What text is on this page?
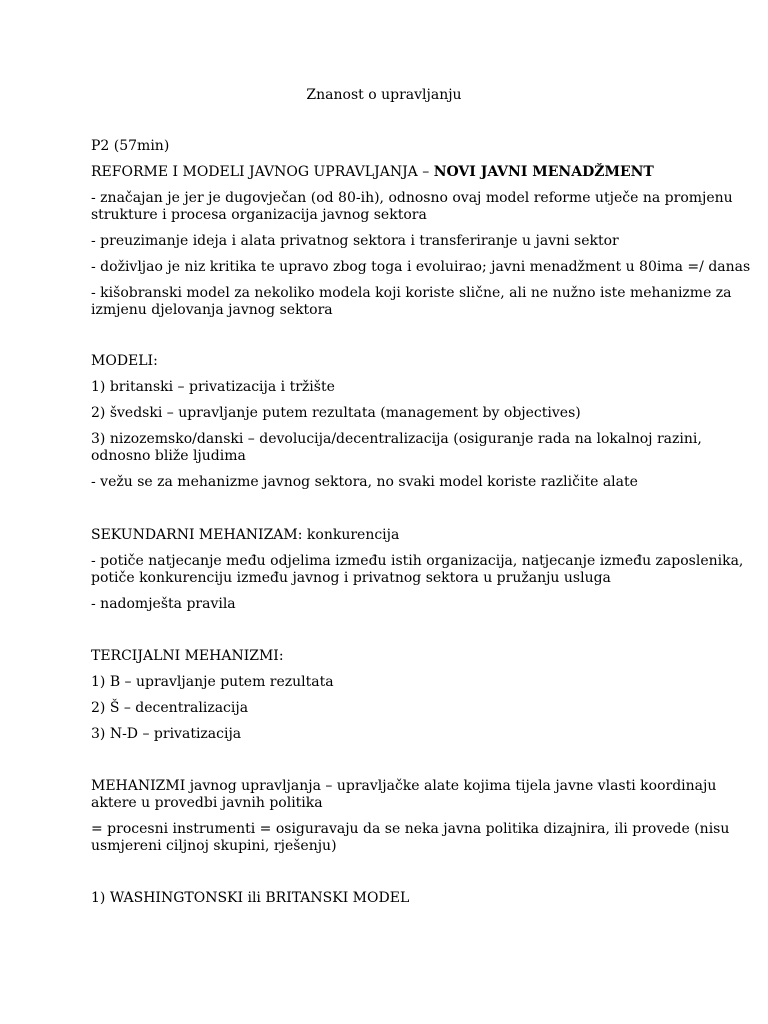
Znanost o upravljanju
P2 (57min)
REFORME I MODELI JAVNOG UPRAVLJANJA – NOVI JAVNI MENADŽMENT
- značajan je jer je dugovječan (od 80-ih), odnosno ovaj model reforme utječe na promjenu
strukture i procesa organizacija javnog sektora
- preuzimanje ideja i alata privatnog sektora i transferiranje u javni sektor
- doživljao je niz kritika te upravo zbog toga i evoluirao; javni menadžment u 80ima =/ danas
- kišobranski model za nekoliko modela koji koriste slične, ali ne nužno iste mehanizme za
izmjenu djelovanja javnog sektora
MODELI:
1) britanski – privatizacija i tržište
2) švedski – upravljanje putem rezultata (management by objectives)
3) nizozemsko/danski – devolucija/decentralizacija (osiguranje rada na lokalnoj razini,
odnosno bliže ljudima
- vežu se za mehanizme javnog sektora, no svaki model koriste različite alate
SEKUNDARNI MEHANIZAM: konkurencija
- potiče natjecanje među odjelima između istih organizacija, natjecanje između zaposlenika,
potiče konkurenciju između javnog i privatnog sektora u pružanju usluga
- nadomješta pravila
TERCIJALNI MEHANIZMI:
1) B – upravljanje putem rezultata
2) Š – decentralizacija
3) N-D – privatizacija
MEHANIZMI javnog upravljanja – upravljačke alate kojima tijela javne vlasti koordinaju
aktere u provedbi javnih politika
= procesni instrumenti = osiguravaju da se neka javna politika dizajnira, ili provede (nisu
usmjereni ciljnoj skupini, rješenju)
1) WASHINGTONSKI ili BRITANSKI MODEL
